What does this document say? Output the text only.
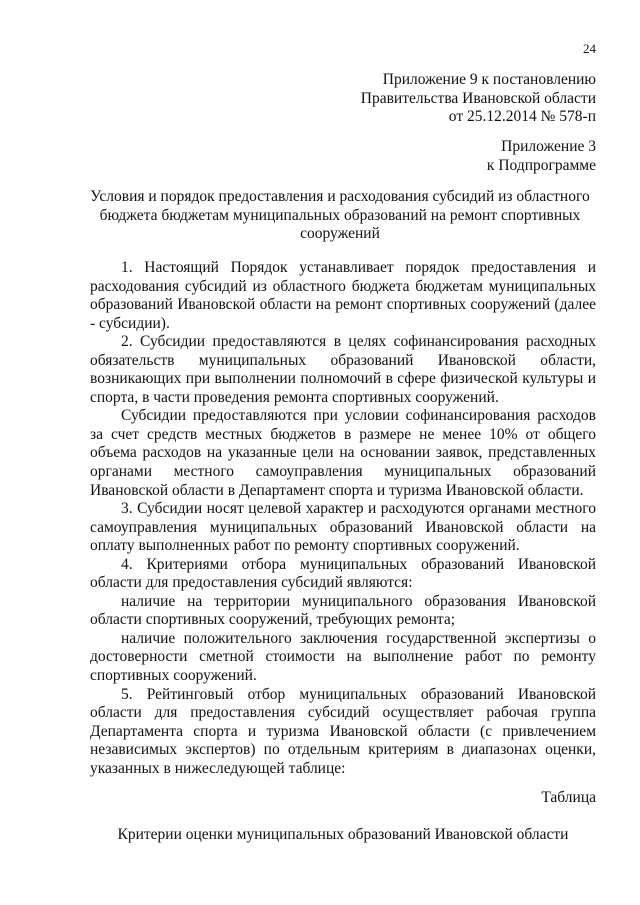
24
Приложение 9 к постановлению
Правительства Ивановской области
от 25.12.2014 № 578-п
Приложение 3
к Подпрограмме
Условия и порядок предоставления и расходования субсидий из областного бюджета бюджетам муниципальных образований на ремонт спортивных сооружений

1. Настоящий Порядок устанавливает порядок предоставления и расходования субсидий из областного бюджета бюджетам муниципальных образований Ивановской области на ремонт спортивных сооружений (далее - субсидии).

2. Субсидии предоставляются в целях софинансирования расходных обязательств муниципальных образований Ивановской области, возникающих при выполнении полномочий в сфере физической культуры и спорта, в части проведения ремонта спортивных сооружений.

Субсидии предоставляются при условии софинансирования расходов за счет средств местных бюджетов в размере не менее 10% от общего объема расходов на указанные цели на основании заявок, представленных органами местного самоуправления муниципальных образований Ивановской области в Департамент спорта и туризма Ивановской области.

3. Субсидии носят целевой характер и расходуются органами местного самоуправления муниципальных образований Ивановской области на оплату выполненных работ по ремонту спортивных сооружений.

4. Критериями отбора муниципальных образований Ивановской области для предоставления субсидий являются:

наличие на территории муниципального образования Ивановской области спортивных сооружений, требующих ремонта;

наличие положительного заключения государственной экспертизы о достоверности сметной стоимости на выполнение работ по ремонту спортивных сооружений.

5. Рейтинговый отбор муниципальных образований Ивановской области для предоставления субсидий осуществляет рабочая группа Департамента спорта и туризма Ивановской области (с привлечением независимых экспертов) по отдельным критериям в диапазонах оценки, указанных в нижеследующей таблице:

Таблица
Критерии оценки муниципальных образований Ивановской области
